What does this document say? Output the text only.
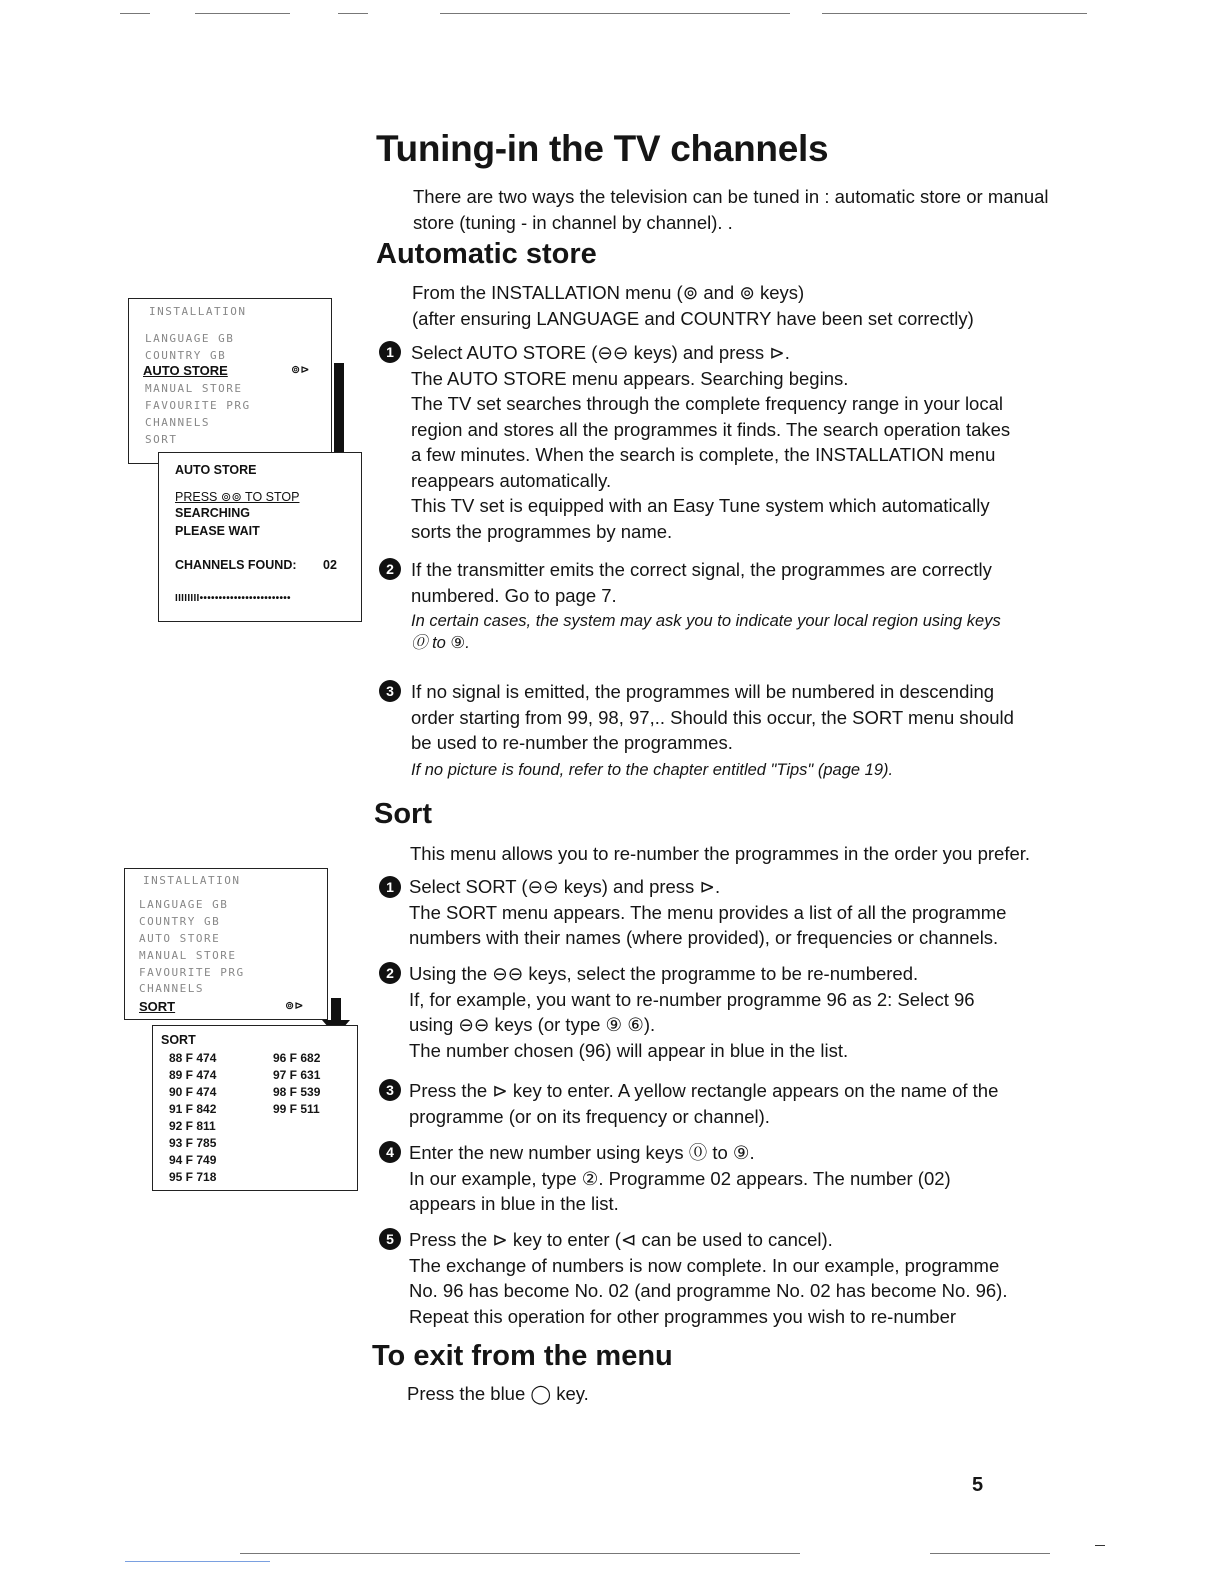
Tuning-in the TV channels
There are two ways the television can be tuned in : automatic store or manual store (tuning - in channel by channel). .
Automatic store

From the INSTALLATION menu (⊚ and ⊚ keys)

(after ensuring LANGUAGE and COUNTRY have been set correctly)

1 Select AUTO STORE (⊖⊖ keys) and press ⊳.

The AUTO STORE menu appears. Searching begins.

The TV set searches through the complete frequency range in your local

region and stores all the programmes it finds. The search operation takes

a few minutes. When the search is complete, the INSTALLATION menu

reappears automatically.

This TV set is equipped with an Easy Tune system which automatically

sorts the programmes by name.

2 If the transmitter emits the correct signal, the programmes are correctly

numbered. Go to page 7.

In certain cases, the system may ask you to indicate your local region using keys
⓪ to ⑨.
3 If no signal is emitted, the programmes will be numbered in descending

order starting from 99, 98, 97,.. Should this occur, the SORT menu should

be used to re-number the programmes.

If no picture is found, refer to the chapter entitled "Tips" (page 19).
Sort
This menu allows you to re-number the programmes in the order you prefer.
1 Select SORT (⊖⊖ keys) and press ⊳.

The SORT menu appears. The menu provides a list of all the programme

numbers with their names (where provided), or frequencies or channels.

2 Using the ⊖⊖ keys, select the programme to be re-numbered.

If, for example, you want to re-number programme 96 as 2: Select 96

using ⊖⊖ keys (or type ⑨ ⑥).

The number chosen (96) will appear in blue in the list.

3 Press the ⊳ key to enter. A yellow rectangle appears on the name of the

programme (or on its frequency or channel).

4 Enter the new number using keys ⓪ to ⑨.

In our example, type ②. Programme 02 appears. The number (02)

appears in blue in the list.

5 Press the ⊳ key to enter (⊲ can be used to cancel).

The exchange of numbers is now complete. In our example, programme

No. 96 has become No. 02 (and programme No. 02 has become No. 96).

Repeat this operation for other programmes you wish to re-number

To exit from the menu
Press the blue ◯ key.
5
INSTALLATION
LANGUAGE GB
COUNTRY GB
AUTO STORE	⊚⊳
MANUAL STORE
FAVOURITE PRG
CHANNELS
SORT
AUTO STORE
PRESS ⊚⊚ TO STOP
SEARCHING
PLEASE WAIT
CHANNELS FOUND: 02
IIIIIIII••••••••••••••••••••••••
INSTALLATION
LANGUAGE GB
COUNTRY GB
AUTO STORE
MANUAL STORE
FAVOURITE PRG
CHANNELS
SORT	⊚⊳
SORT
88 F 474
89 F 474
90 F 474
91 F 842
92 F 811
93 F 785
94 F 749
95 F 718
96 F 682
97 F 631
98 F 539
99 F 511
